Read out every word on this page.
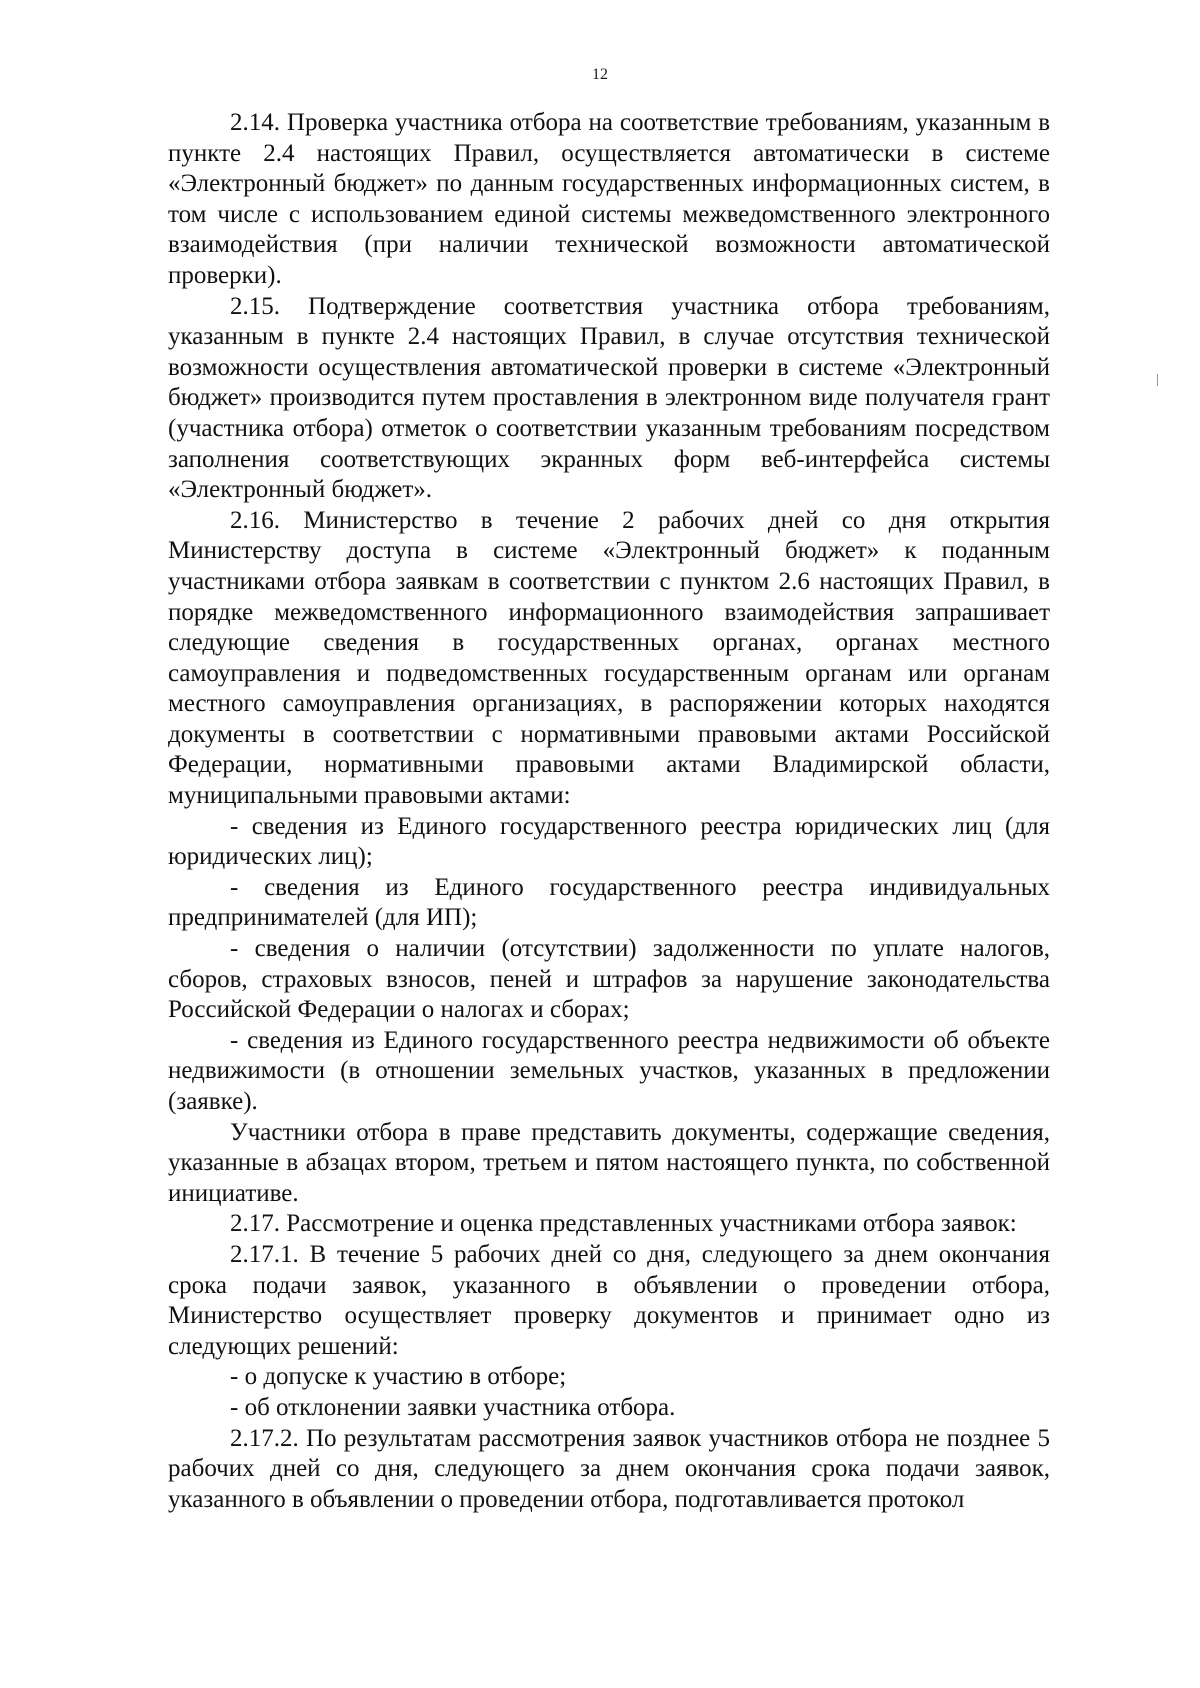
12

2.14. Проверка участника отбора на соответствие требованиям, указанным в пункте 2.4 настоящих Правил, осуществляется автоматически в системе «Электронный бюджет» по данным государственных информационных систем, в том числе с использованием единой системы межведомственного электронного взаимодействия (при наличии технической возможности автоматической проверки).

2.15. Подтверждение соответствия участника отбора требованиям, указанным в пункте 2.4 настоящих Правил, в случае отсутствия технической возможности осуществления автоматической проверки в системе «Электронный бюджет» производится путем проставления в электронном виде получателя грант (участника отбора) отметок о соответствии указанным требованиям посредством заполнения соответствующих экранных форм веб-интерфейса системы «Электронный бюджет».

2.16. Министерство в течение 2 рабочих дней со дня открытия Министерству доступа в системе «Электронный бюджет» к поданным участниками отбора заявкам в соответствии с пунктом 2.6 настоящих Правил, в порядке межведомственного информационного взаимодействия запрашивает следующие сведения в государственных органах, органах местного самоуправления и подведомственных государственным органам или органам местного самоуправления организациях, в распоряжении которых находятся документы в соответствии с нормативными правовыми актами Российской Федерации, нормативными правовыми актами Владимирской области, муниципальными правовыми актами:

- сведения из Единого государственного реестра юридических лиц (для юридических лиц);

- сведения из Единого государственного реестра индивидуальных предпринимателей (для ИП);

- сведения о наличии (отсутствии) задолженности по уплате налогов, сборов, страховых взносов, пеней и штрафов за нарушение законодательства Российской Федерации о налогах и сборах;

- сведения из Единого государственного реестра недвижимости об объекте недвижимости (в отношении земельных участков, указанных в предложении (заявке).

Участники отбора в праве представить документы, содержащие сведения, указанные в абзацах втором, третьем и пятом настоящего пункта, по собственной инициативе.

2.17. Рассмотрение и оценка представленных участниками отбора заявок:

2.17.1. В течение 5 рабочих дней со дня, следующего за днем окончания срока подачи заявок, указанного в объявлении о проведении отбора, Министерство осуществляет проверку документов и принимает одно из следующих решений:

- о допуске к участию в отборе;

- об отклонении заявки участника отбора.

2.17.2. По результатам рассмотрения заявок участников отбора не позднее 5 рабочих дней со дня, следующего за днем окончания срока подачи заявок, указанного в объявлении о проведении отбора, подготавливается протокол
